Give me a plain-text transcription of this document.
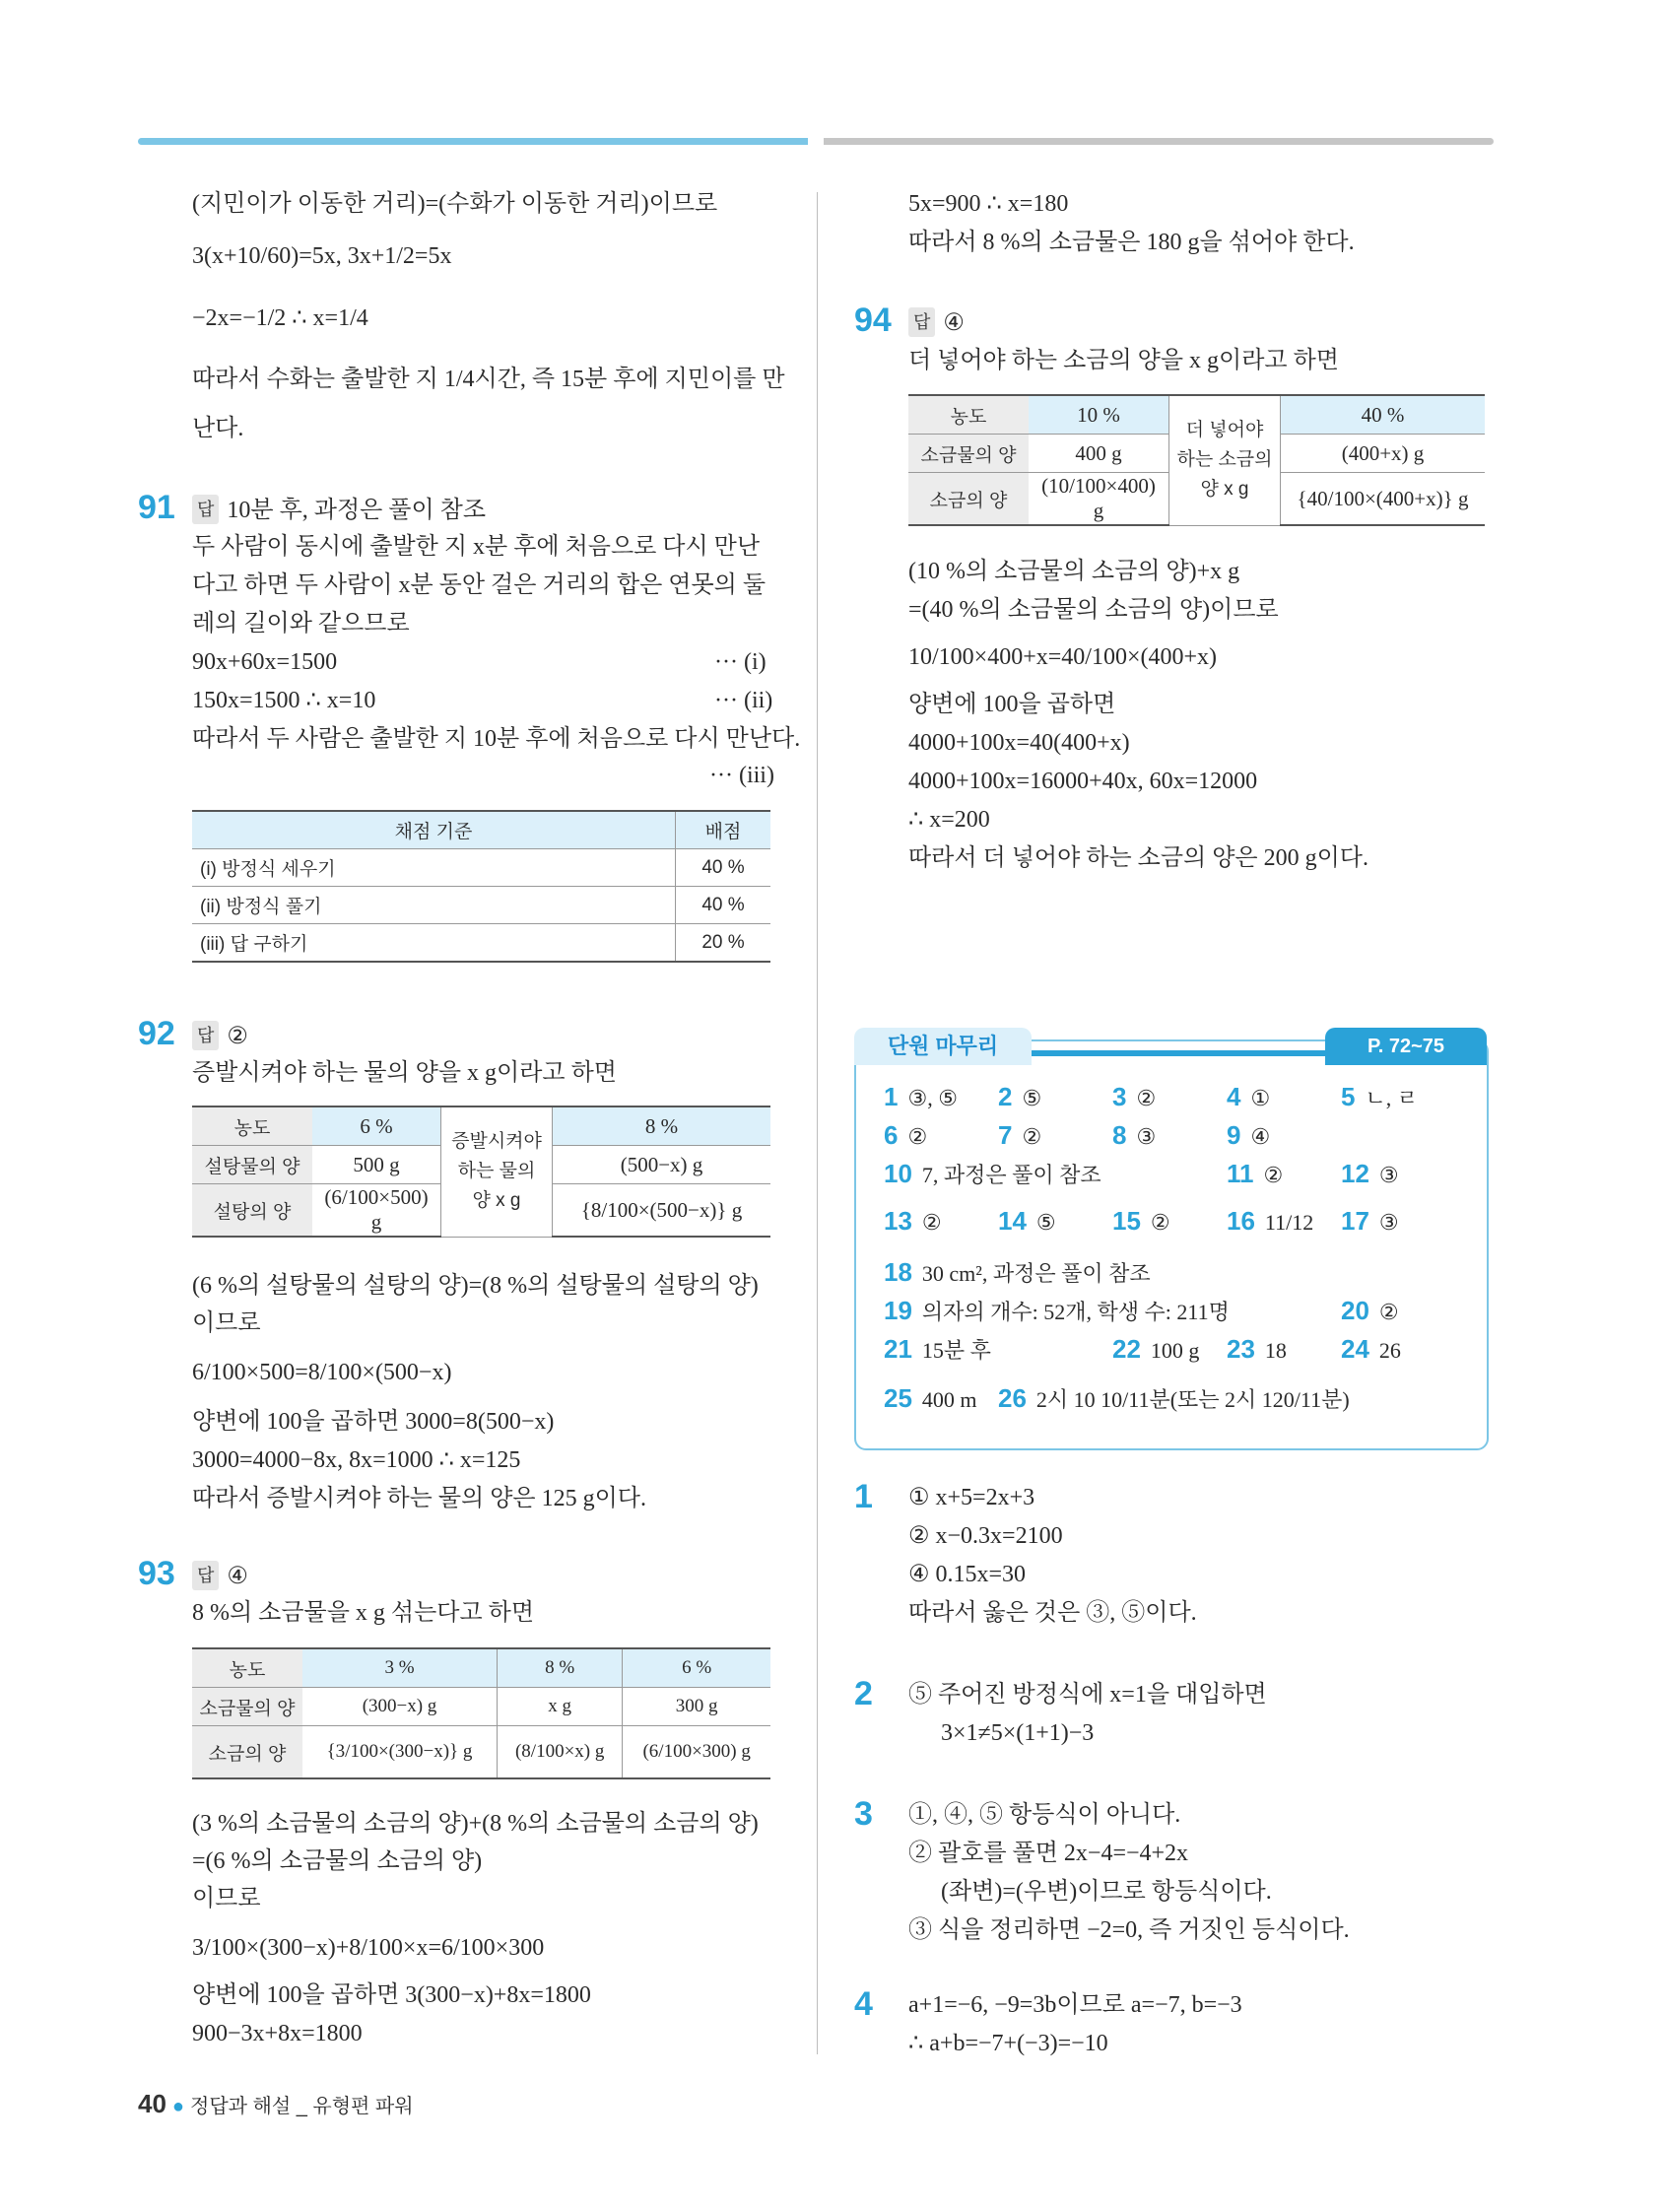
(지민이가 이동한 거리)=(수화가 이동한 거리)이므로
3(x+10/60)=5x, 3x+1/2=5x
−2x=−1/2 ∴ x=1/4
따라서 수화는 출발한 지 1/4시간, 즉 15분 후에 지민이를 만
난다.
91 답 10분 후, 과정은 풀이 참조
두 사람이 동시에 출발한 지 x분 후에 처음으로 다시 만난
다고 하면 두 사람이 x분 동안 걸은 거리의 합은 연못의 둘
레의 길이와 같으므로
90x+60x=1500	··· (i)
150x=1500 ∴ x=10	··· (ii)
따라서 두 사람은 출발한 지 10분 후에 처음으로 다시 만난다.
··· (iii)
채점 기준	배점
(i) 방정식 세우기	40 %
(ii) 방정식 풀기	40 %
(iii) 답 구하기	20 %
92 답 ②
증발시켜야 하는 물의 양을 x g이라고 하면
농도	6 %	증발시켜야 하는 물의 양 x g	8 %
설탕물의 양	500 g		(500−x) g
설탕의 양	(6/100×500) g		{8/100×(500−x)} g
(6 %의 설탕물의 설탕의 양)=(8 %의 설탕물의 설탕의 양)
이므로
6/100×500=8/100×(500−x)
양변에 100을 곱하면 3000=8(500−x)
3000=4000−8x, 8x=1000 ∴ x=125
따라서 증발시켜야 하는 물의 양은 125 g이다.
93 답 ④
8 %의 소금물을 x g 섞는다고 하면
농도	3 %	8 %	6 %
소금물의 양	(300−x) g	x g	300 g
소금의 양	{3/100×(300−x)} g	(8/100×x) g	(6/100×300) g
(3 %의 소금물의 소금의 양)+(8 %의 소금물의 소금의 양)
=(6 %의 소금물의 소금의 양)
이므로
3/100×(300−x)+8/100×x=6/100×300
양변에 100을 곱하면 3(300−x)+8x=1800
900−3x+8x=1800
5x=900 ∴ x=180
따라서 8 %의 소금물은 180 g을 섞어야 한다.
94 답 ④
더 넣어야 하는 소금의 양을 x g이라고 하면
농도	10 %	더 넣어야 하는 소금의 양 x g	40 %
소금물의 양	400 g		(400+x) g
소금의 양	(10/100×400) g		{40/100×(400+x)} g
(10 %의 소금물의 소금의 양)+x g
=(40 %의 소금물의 소금의 양)이므로
10/100×400+x=40/100×(400+x)
양변에 100을 곱하면
4000+100x=40(400+x)
4000+100x=16000+40x, 60x=12000
∴ x=200
따라서 더 넣어야 하는 소금의 양은 200 g이다.
단원 마무리	P. 72~75
1 ③, ⑤ 2 ⑤	3 ②	4 ①	5 ㄴ, ㄹ
6 ②	7 ②	8 ③	9 ④
10 7, 과정은 풀이 참조	11 ② 12 ③
13 ② 14 ⑤ 15 ② 16 11/12 17 ③
18 30 cm², 과정은 풀이 참조
19 의자의 개수: 52개, 학생 수: 211명	20 ②
21 15분 후	22 100 g 23 18 24 26
25 400 m 26 2시 10 10/11분(또는 2시 120/11분)
1 ① x+5=2x+3
② x−0.3x=2100
④ 0.15x=30
따라서 옳은 것은 ③, ⑤이다.
2 ⑤ 주어진 방정식에 x=1을 대입하면
3×1≠5×(1+1)−3
3 ①, ④, ⑤ 항등식이 아니다.
② 괄호를 풀면 2x−4=−4+2x
(좌변)=(우변)이므로 항등식이다.
③ 식을 정리하면 −2=0, 즉 거짓인 등식이다.
4 a+1=−6, −9=3b이므로 a=−7, b=−3
∴ a+b=−7+(−3)=−10
40 ● 정답과 해설 _ 유형편 파워
